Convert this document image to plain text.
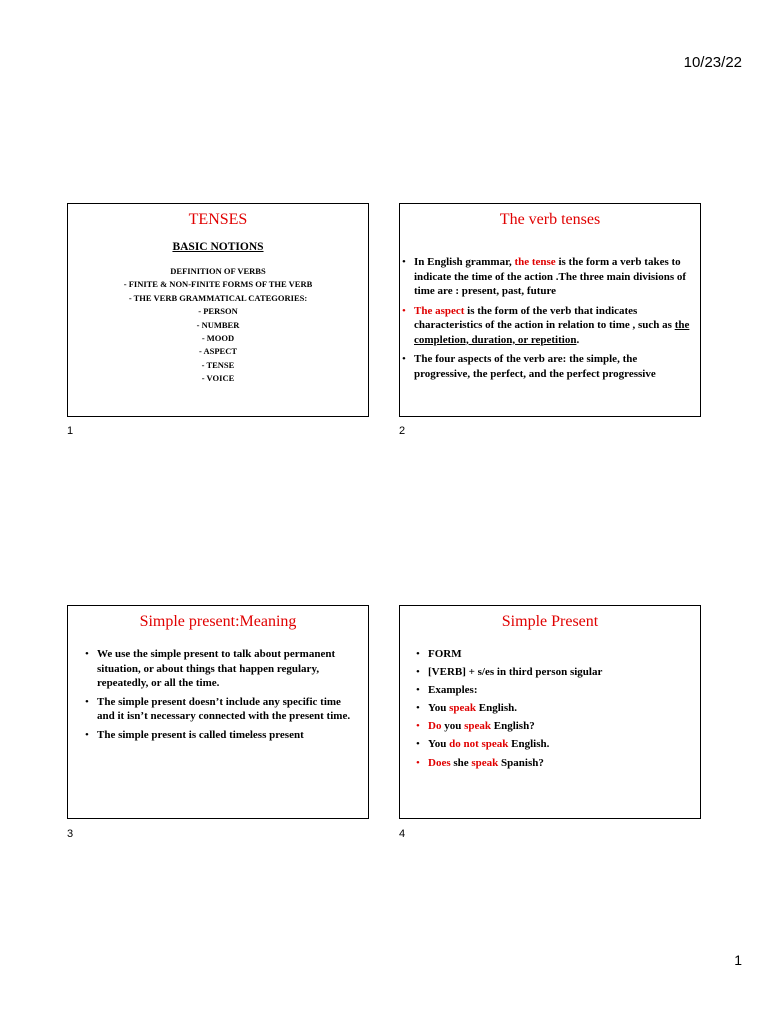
10/23/22
TENSES
BASIC NOTIONS
DEFINITION OF VERBS
- FINITE & NON-FINITE FORMS OF THE VERB
- THE VERB GRAMMATICAL CATEGORIES:
- PERSON
- NUMBER
- MOOD
- ASPECT
- TENSE
- VOICE
1
The verb tenses
• In English grammar, the tense is the form a verb takes to indicate the time of the action .The three main divisions of time are : present, past, future
• The aspect is the form of the verb that indicates characteristics of the action in relation to time , such as the completion, duration, or repetition.
• The four aspects of the verb are: the simple, the progressive, the perfect, and the perfect progressive
2
Simple present:Meaning
• We use the simple present to talk about permanent situation, or about things that happen regulary, repeatedly, or all the time.
• The simple present doesn’t include any specific time and it isn’t necessary connected with the present time.
• The simple present is called timeless present
3
Simple Present
• FORM
• [VERB] + s/es in third person sigular
• Examples:
• You speak English.
• Do you speak English?
• You do not speak English.
• Does she speak Spanish?
4
1
